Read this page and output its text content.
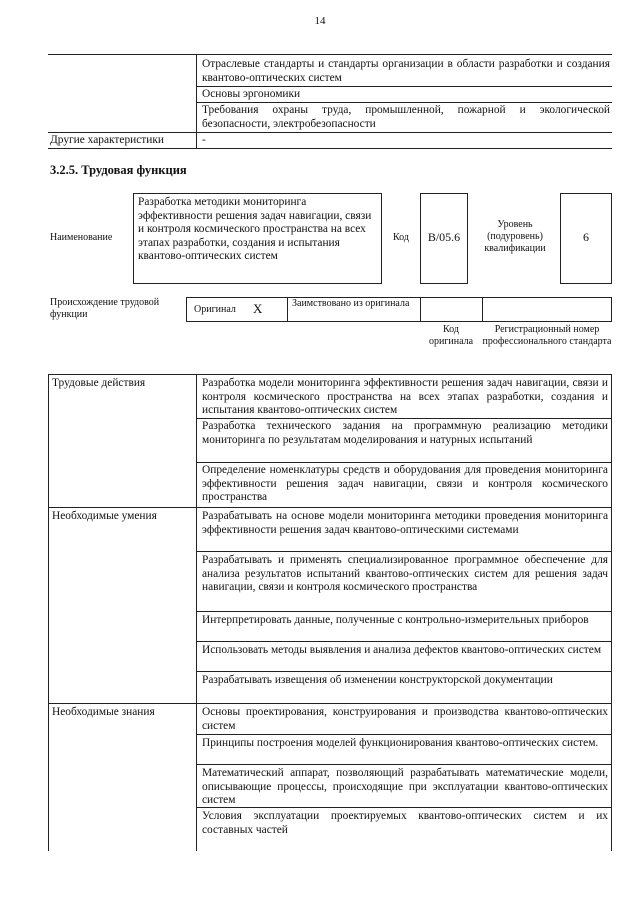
14
Отраслевые стандарты и стандарты организации в области разработки и создания квантово-оптических систем
Основы эргономики
Требования охраны труда, промышленной, пожарной и экологической безопасности, электробезопасности
Другие характеристики	-
3.2.5. Трудовая функция
Наименование
Разработка методики мониторинга эффективности решения задач навигации, связи и контроля космического пространства на всех этапах разработки, создания и испытания квантово-оптических систем
Код	B/05.6
Уровень (подуровень) квалификации
6
Происхождение трудовой функции	Оригинал X	Заимствовано из оригинала
Код оригинала
Регистрационный номер профессионального стандарта
Трудовые действия	Разработка модели мониторинга эффективности решения задач навигации, связи и контроля космического пространства на всех этапах разработки, создания и испытания квантово-оптических систем
Разработка технического задания на программную реализацию методики мониторинга по результатам моделирования и натурных испытаний
Определение номенклатуры средств и оборудования для проведения мониторинга эффективности решения задач навигации, связи и контроля космического пространства
Необходимые умения	Разрабатывать на основе модели мониторинга методики проведения мониторинга эффективности решения задач квантово-оптическими системами
Разрабатывать и применять специализированное программное обеспечение для анализа результатов испытаний квантово-оптических систем для решения задач навигации, связи и контроля космического пространства
Интерпретировать данные, полученные с контрольно-измерительных приборов
Использовать методы выявления и анализа дефектов квантово-оптических систем
Разрабатывать извещения об изменении конструкторской документации
Необходимые знания	Основы проектирования, конструирования и производства квантово-оптических систем
Принципы построения моделей функционирования квантово-оптических систем.
Математический аппарат, позволяющий разрабатывать математические модели, описывающие процессы, происходящие при эксплуатации квантово-оптических систем
Условия эксплуатации проектируемых квантово-оптических систем и их составных частей
